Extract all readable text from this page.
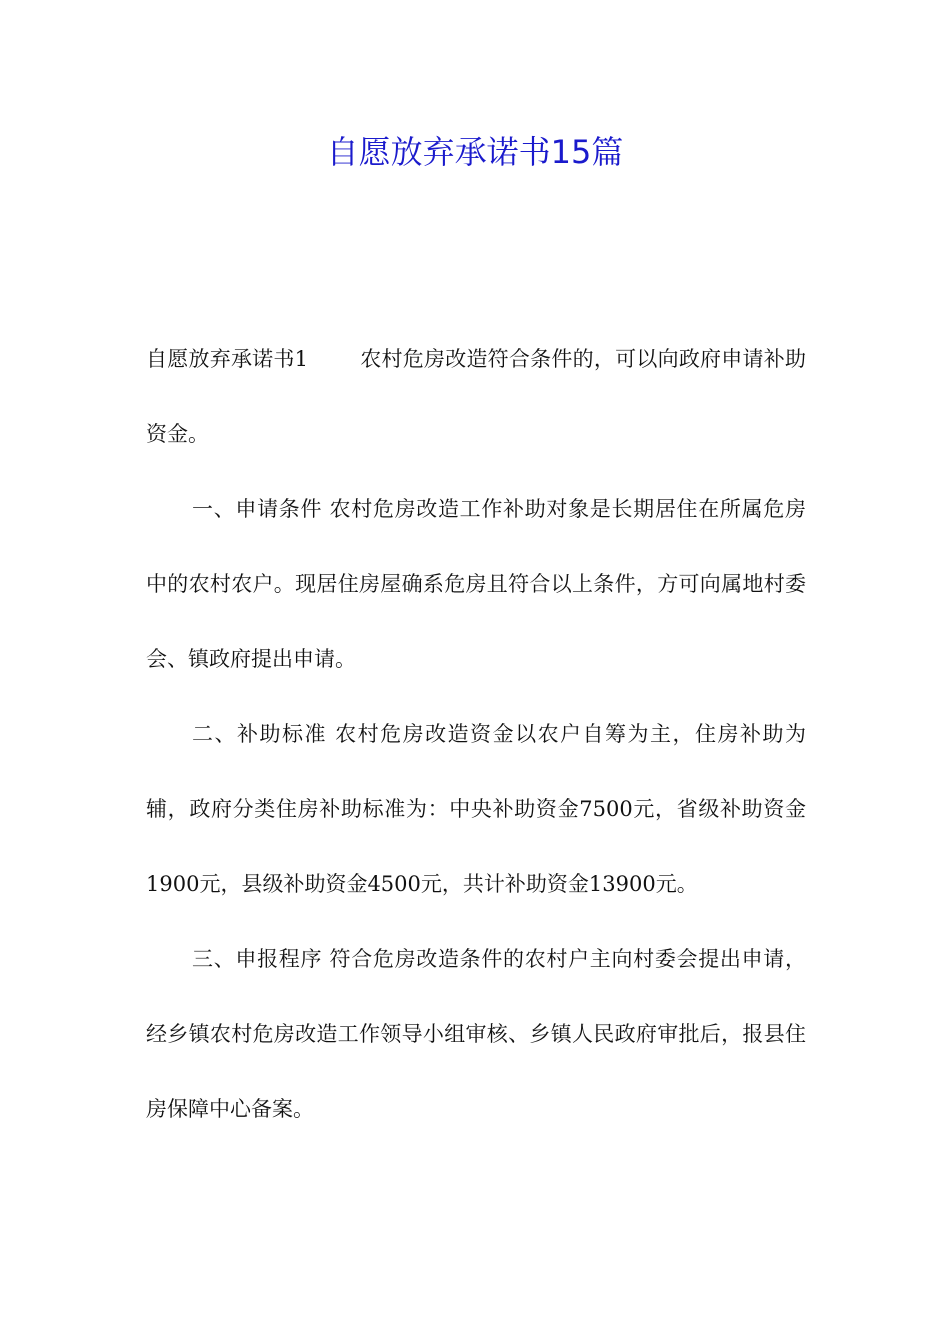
自愿放弃承诺书15篇

自愿放弃承诺书1 农村危房改造符合条件的，可以向政府申请补助资金。

一、申请条件 农村危房改造工作补助对象是长期居住在所属危房中的农村农户。现居住房屋确系危房且符合以上条件，方可向属地村委会、镇政府提出申请。

二、补助标准 农村危房改造资金以农户自筹为主，住房补助为辅，政府分类住房补助标准为：中央补助资金7500元，省级补助资金1900元，县级补助资金4500元，共计补助资金13900元。

三、申报程序 符合危房改造条件的农村户主向村委会提出申请，经乡镇农村危房改造工作领导小组审核、乡镇人民政府审批后，报县住房保障中心备案。
